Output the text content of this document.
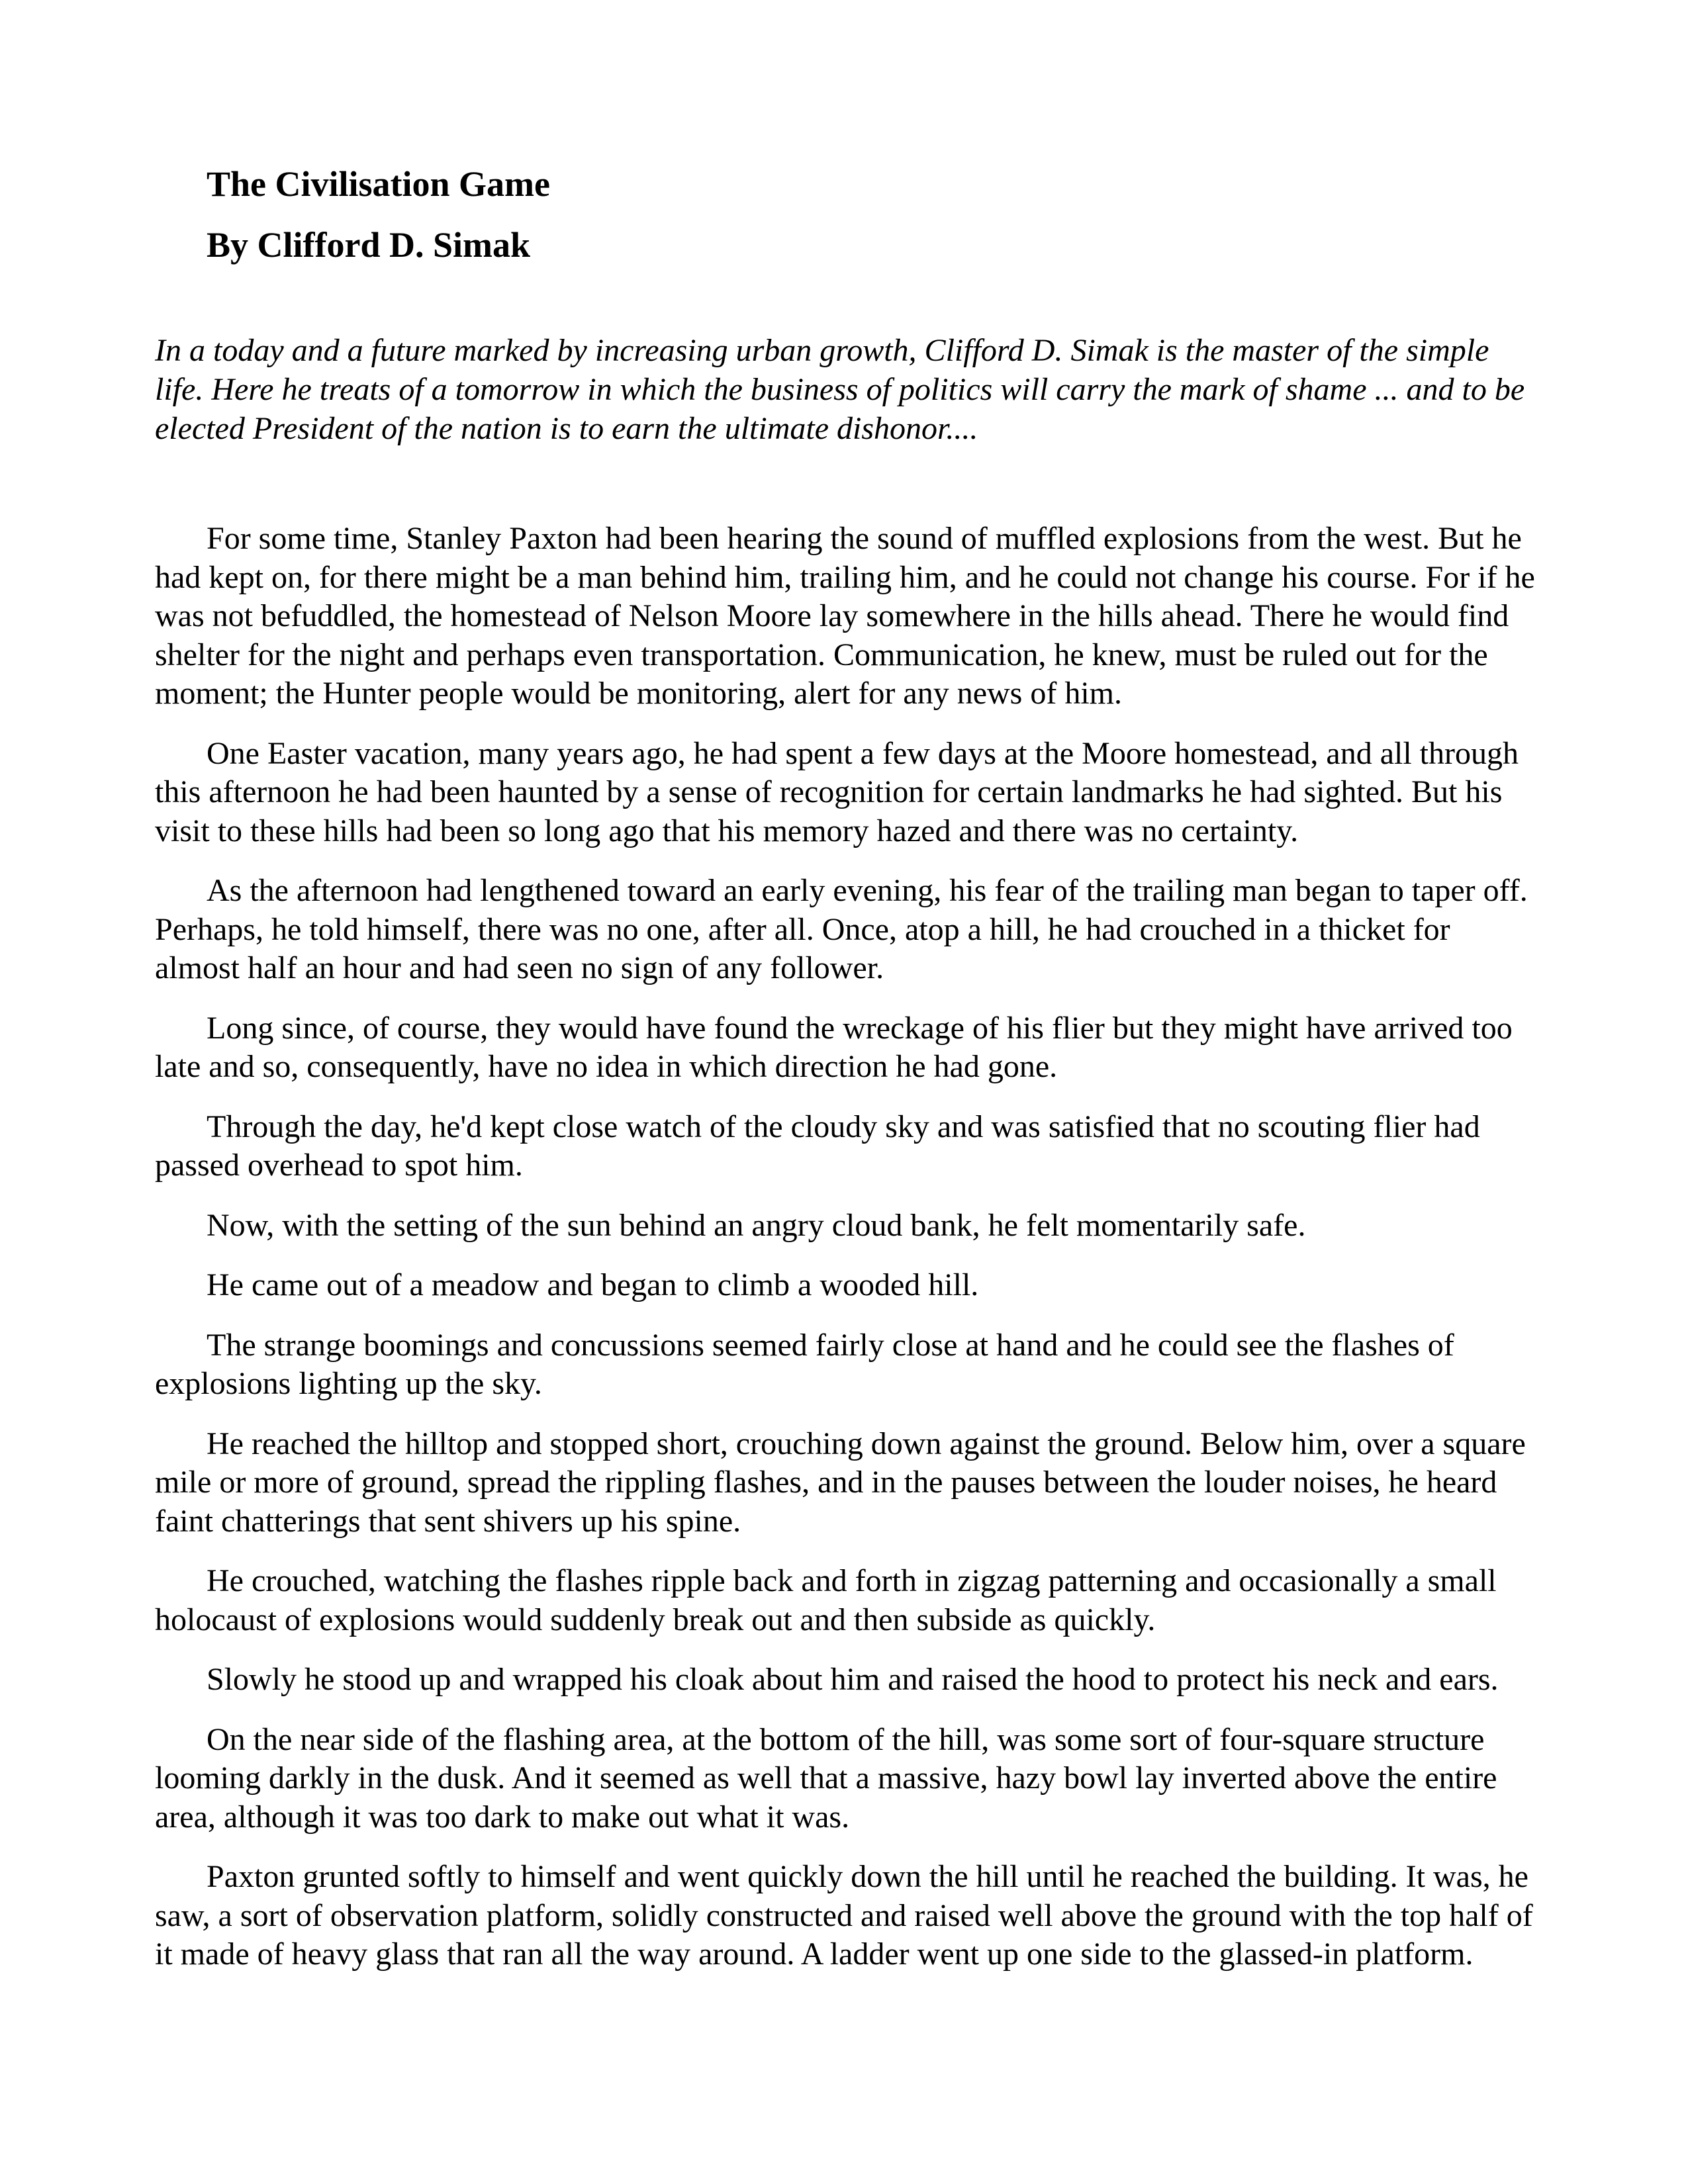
The Civilisation Game
By Clifford D. Simak

In a today and a future marked by increasing urban growth, Clifford D. Simak is the master of the simple life. Here he treats of a tomorrow in which the business of politics will carry the mark of shame ... and to be elected President of the nation is to earn the ultimate dishonor....

For some time, Stanley Paxton had been hearing the sound of muffled explosions from the west. But he had kept on, for there might be a man behind him, trailing him, and he could not change his course. For if he was not befuddled, the homestead of Nelson Moore lay somewhere in the hills ahead. There he would find shelter for the night and perhaps even transportation. Communication, he knew, must be ruled out for the moment; the Hunter people would be monitoring, alert for any news of him.

One Easter vacation, many years ago, he had spent a few days at the Moore homestead, and all through this afternoon he had been haunted by a sense of recognition for certain landmarks he had sighted. But his visit to these hills had been so long ago that his memory hazed and there was no certainty.

As the afternoon had lengthened toward an early evening, his fear of the trailing man began to taper off. Perhaps, he told himself, there was no one, after all. Once, atop a hill, he had crouched in a thicket for almost half an hour and had seen no sign of any follower.

Long since, of course, they would have found the wreckage of his flier but they might have arrived too late and so, consequently, have no idea in which direction he had gone.

Through the day, he'd kept close watch of the cloudy sky and was satisfied that no scouting flier had passed overhead to spot him.

Now, with the setting of the sun behind an angry cloud bank, he felt momentarily safe.

He came out of a meadow and began to climb a wooded hill.

The strange boomings and concussions seemed fairly close at hand and he could see the flashes of explosions lighting up the sky.

He reached the hilltop and stopped short, crouching down against the ground. Below him, over a square mile or more of ground, spread the rippling flashes, and in the pauses between the louder noises, he heard faint chatterings that sent shivers up his spine.

He crouched, watching the flashes ripple back and forth in zigzag patterning and occasionally a small holocaust of explosions would suddenly break out and then subside as quickly.

Slowly he stood up and wrapped his cloak about him and raised the hood to protect his neck and ears.

On the near side of the flashing area, at the bottom of the hill, was some sort of four-square structure looming darkly in the dusk. And it seemed as well that a massive, hazy bowl lay inverted above the entire area, although it was too dark to make out what it was.

Paxton grunted softly to himself and went quickly down the hill until he reached the building. It was, he saw, a sort of observation platform, solidly constructed and raised well above the ground with the top half of it made of heavy glass that ran all the way around. A ladder went up one side to the glassed-in platform.
